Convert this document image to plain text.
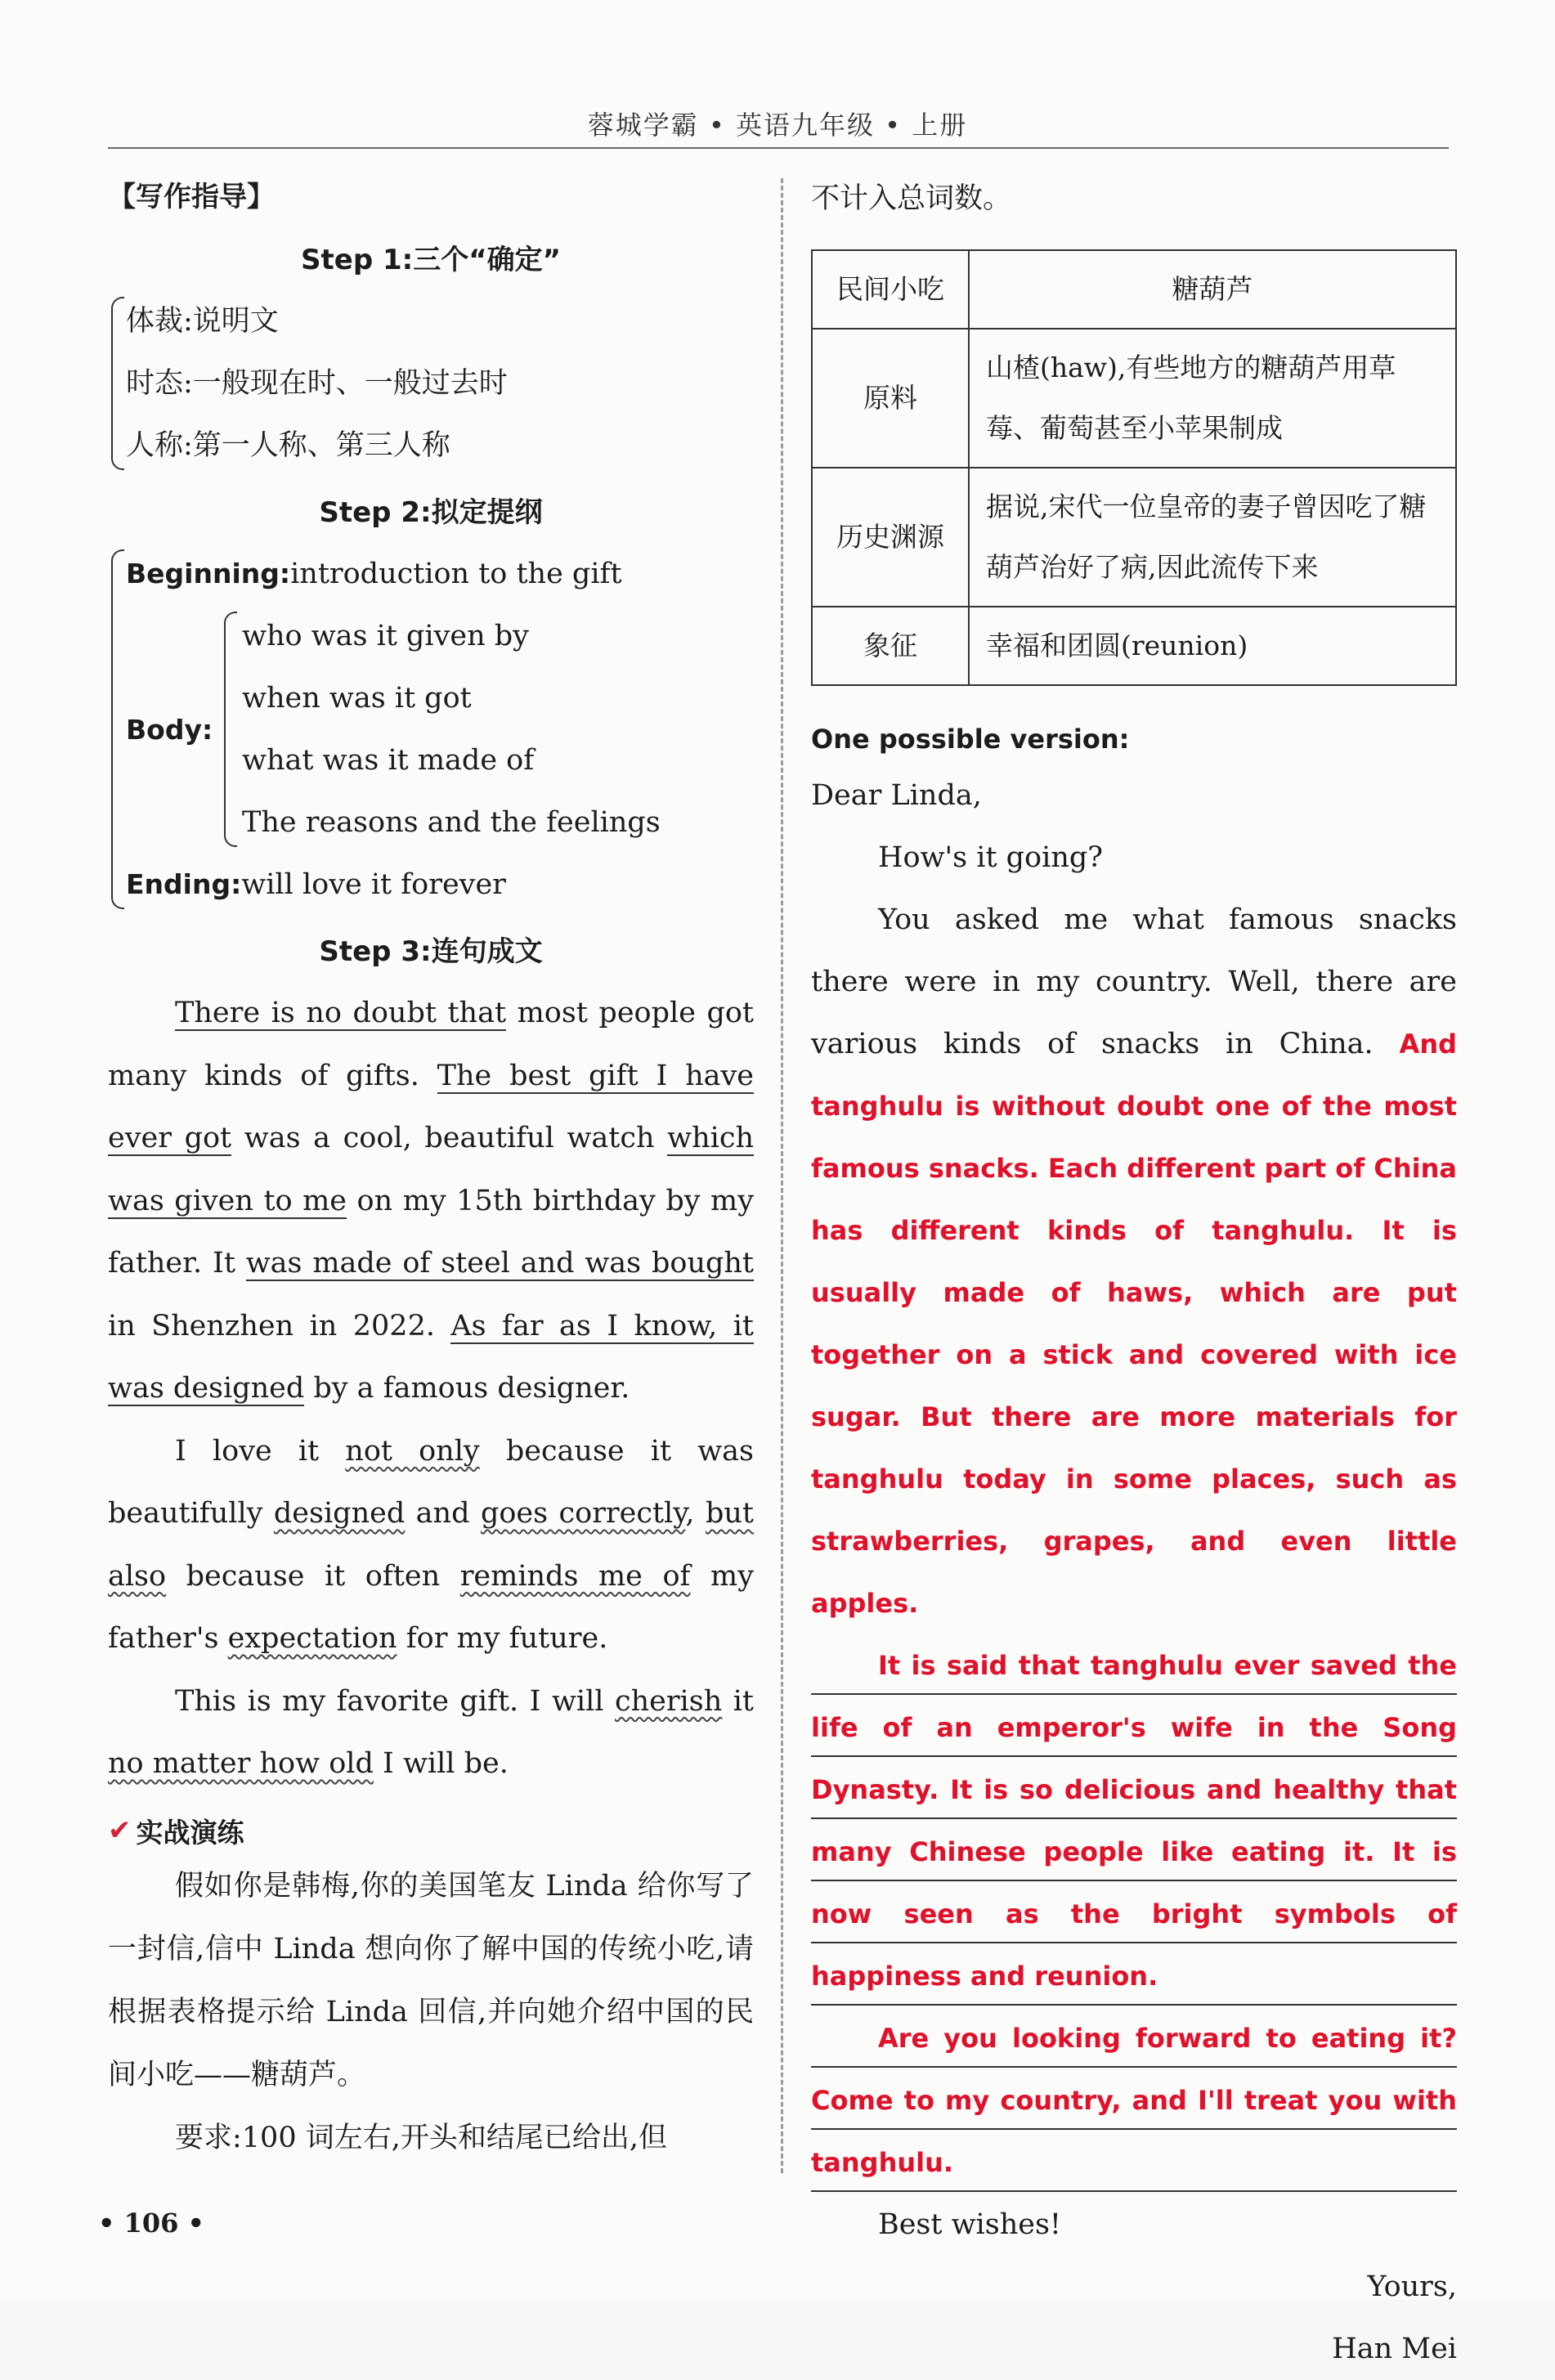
蓉城学霸 • 英语九年级 • 上册
【写作指导】
Step 1:三个“确定”
体裁:说明文
时态:一般现在时、一般过去时
人称:第一人称、第三人称
Step 2:拟定提纲
Beginning:introduction to the gift
Body:
who was it given by
when was it got
what was it made of
The reasons and the feelings
Ending:will love it forever
Step 3:连句成文

There is no doubt that most people got many kinds of gifts. The best gift I have ever got was a cool, beautiful watch which was given to me on my 15th birthday by my father. It was made of steel and was bought in Shenzhen in 2022. As far as I know, it was designed by a famous designer.

I love it not only because it was beautifully designed and goes correctly, but also because it often reminds me of my father's expectation for my future.

This is my favorite gift. I will cherish it no matter how old I will be.

✔ 实战演练

假如你是韩梅,你的美国笔友 Linda 给你写了一封信,信中 Linda 想向你了解中国的传统小吃,请根据表格提示给 Linda 回信,并向她介绍中国的民间小吃——糖葫芦。

要求:100 词左右,开头和结尾已给出,但

不计入总词数。
民间小吃	糖葫芦
原料	山楂(haw),有些地方的糖葫芦用草莓、葡萄甚至小苹果制成
历史渊源	据说,宋代一位皇帝的妻子曾因吃了糖葫芦治好了病,因此流传下来
象征	幸福和团圆(reunion)
One possible version:
Dear Linda,
How's it going?
You asked me what famous snacks there were in my country. Well, there are various kinds of snacks in China. And tanghulu is without doubt one of the most famous snacks. Each different part of China has different kinds of tanghulu. It is usually made of haws, which are put together on a stick and covered with ice sugar. But there are more materials for tanghulu today in some places, such as strawberries, grapes, and even little apples.
It is said that tanghulu ever saved the life of an emperor's wife in the Song Dynasty. It is so delicious and healthy that many Chinese people like eating it. It is now seen as the bright symbols of happiness and reunion.
Are you looking forward to eating it? Come to my country, and I'll treat you with tanghulu.
Best wishes!
Yours,
Han Mei
• 106 •
